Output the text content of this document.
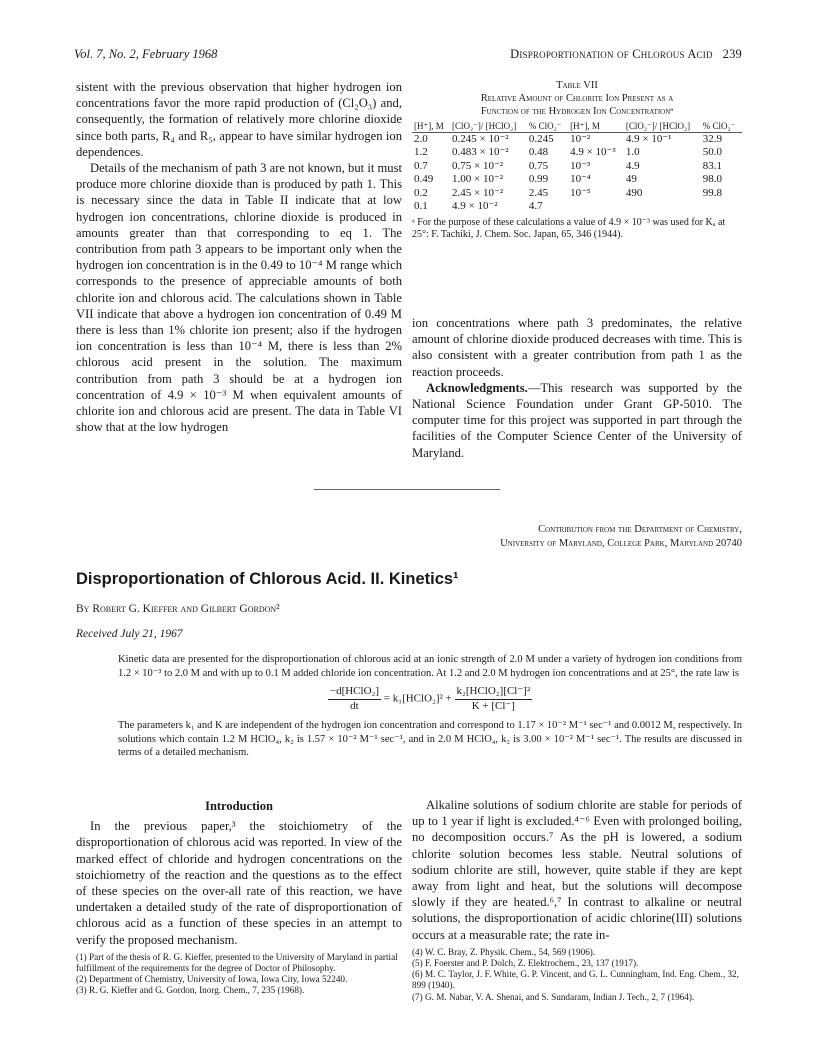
Vol. 7, No. 2, February 1968	Disproportionation of Chlorous Acid 239

sistent with the previous observation that higher hydrogen ion concentrations favor the more rapid production of (Cl₂O₃) and, consequently, the formation of relatively more chlorine dioxide since both parts, R₄ and R₅, appear to have similar hydrogen ion dependences.

Details of the mechanism of path 3 are not known, but it must produce more chlorine dioxide than is produced by path 1. This is necessary since the data in Table II indicate that at low hydrogen ion concentrations, chlorine dioxide is produced in amounts greater than that corresponding to eq 1. The contribution from path 3 appears to be important only when the hydrogen ion concentration is in the 0.49 to 10⁻⁴ M range which corresponds to the presence of appreciable amounts of both chlorite ion and chlorous acid. The calculations shown in Table VII indicate that above a hydrogen ion concentration of 0.49 M there is less than 1% chlorite ion present; also if the hydrogen ion concentration is less than 10⁻⁴ M, there is less than 2% chlorous acid present in the solution. The maximum contribution from path 3 should be at a hydrogen ion concentration of 4.9 × 10⁻³ M when equivalent amounts of chlorite ion and chlorous acid are present. The data in Table VI show that at the low hydrogen

Table VII
Relative Amount of Chlorite Ion Present as a
Function of the Hydrogen Ion Concentrationᵃ
[H⁺], M	[ClO₂⁻]/ [HClO₂]	% ClO₂⁻	[H⁺], M	[ClO₂⁻]/ [HClO₂]	% ClO₂⁻
2.0	0.245 × 10⁻²	0.245	10⁻²	4.9 × 10⁻¹	32.9
1.2	0.483 × 10⁻²	0.48	4.9 × 10⁻³	1.0	50.0
0.7	0.75 × 10⁻²	0.75	10⁻³	4.9	83.1
0.49	1.00 × 10⁻²	0.99	10⁻⁴	49	98.0
0.2	2.45 × 10⁻²	2.45	10⁻⁵	490	99.8
0.1	4.9 × 10⁻²	4.7			
ᵃ For the purpose of these calculations a value of 4.9 × 10⁻³ was used for Kₐ at 25°: F. Tachiki, J. Chem. Soc. Japan, 65, 346 (1944).

ion concentrations where path 3 predominates, the relative amount of chlorine dioxide produced decreases with time. This is also consistent with a greater contribution from path 1 as the reaction proceeds.

Acknowledgments.—This research was supported by the National Science Foundation under Grant GP-5010. The computer time for this project was supported in part through the facilities of the Computer Science Center of the University of Maryland.

Contribution from the Department of Chemistry,
University of Maryland, College Park, Maryland 20740
Disproportionation of Chlorous Acid. II. Kinetics¹
By Robert G. Kieffer and Gilbert Gordon²
Received July 21, 1967

Kinetic data are presented for the disproportionation of chlorous acid at an ionic strength of 2.0 M under a variety of hydrogen ion conditions from 1.2 × 10⁻³ to 2.0 M and with up to 0.1 M added chloride ion concentration. At 1.2 and 2.0 M hydrogen ion concentrations and at 25°, the rate law is

$\frac{\text{−d[HClO₂]}}{dt}$ = k₁[HClO₂]² + $\frac{\text{k₂[HClO₂][Cl⁻]²}}{K + [Cl^-]}$

The parameters k₁ and K are independent of the hydrogen ion concentration and correspond to 1.17 × 10⁻² M⁻¹ sec⁻¹ and 0.0012 M, respectively. In solutions which contain 1.2 M HClO₄, k₂ is 1.57 × 10⁻² M⁻¹ sec⁻¹, and in 2.0 M HClO₄, k₂ is 3.00 × 10⁻² M⁻¹ sec⁻¹. The results are discussed in terms of a detailed mechanism.

Introduction

In the previous paper,³ the stoichiometry of the disproportionation of chlorous acid was reported. In view of the marked effect of chloride and hydrogen concentrations on the stoichiometry of the reaction and the questions as to the effect of these species on the over-all rate of this reaction, we have undertaken a detailed study of the rate of disproportionation of chlorous acid as a function of these species in an attempt to verify the proposed mechanism.

(1) Part of the thesis of R. G. Kieffer, presented to the University of Maryland in partial fulfillment of the requirements for the degree of Doctor of Philosophy.

(2) Department of Chemistry, University of Iowa, Iowa City, Iowa 52240.

(3) R. G. Kieffer and G. Gordon, Inorg. Chem., 7, 235 (1968).

Alkaline solutions of sodium chlorite are stable for periods of up to 1 year if light is excluded.⁴⁻⁶ Even with prolonged boiling, no decomposition occurs.⁷ As the pH is lowered, a sodium chlorite solution becomes less stable. Neutral solutions of sodium chlorite are still, however, quite stable if they are kept away from light and heat, but the solutions will decompose slowly if they are heated.⁶,⁷ In contrast to alkaline or neutral solutions, the disproportionation of acidic chlorine(III) solutions occurs at a measurable rate; the rate in-

(4) W. C. Bray, Z. Physik. Chem., 54, 569 (1906).

(5) F. Foerster and P. Dolch, Z. Elektrochem., 23, 137 (1917).

(6) M. C. Taylor, J. F. White, G. P. Vincent, and G. L. Cunningham, Ind. Eng. Chem., 32, 899 (1940).

(7) G. M. Nabar, V. A. Shenai, and S. Sundaram, Indian J. Tech., 2, 7 (1964).
